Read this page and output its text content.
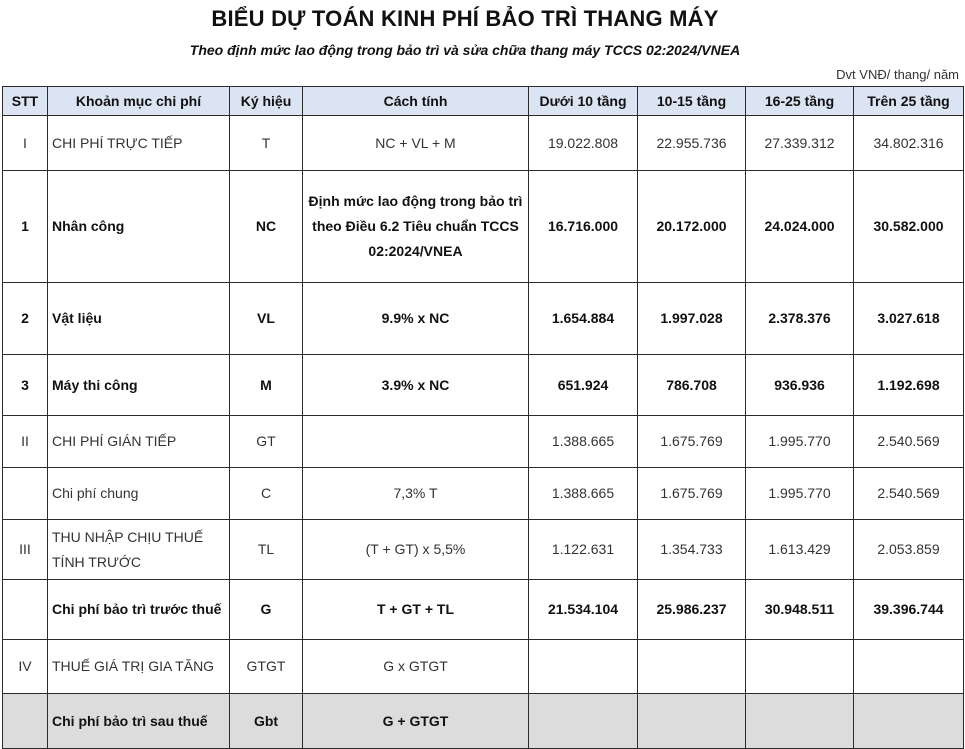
BIỂU DỰ TOÁN KINH PHÍ BẢO TRÌ THANG MÁY
Theo định mức lao động trong bảo trì và sửa chữa thang máy TCCS 02:2024/VNEA
Dvt VNĐ/ thang/ năm
STT	Khoản mục chi phí	Ký hiệu	Cách tính	Dưới 10 tầng	10-15 tầng	16-25 tầng	Trên 25 tầng
I	CHI PHÍ TRỰC TIẾP	T	NC + VL + M	19.022.808	22.955.736	27.339.312	34.802.316
1	Nhân công	NC	Định mức lao động trong bảo trì theo Điều 6.2 Tiêu chuẩn TCCS 02:2024/VNEA	16.716.000	20.172.000	24.024.000	30.582.000
2	Vật liệu	VL	9.9% x NC	1.654.884	1.997.028	2.378.376	3.027.618
3	Máy thi công	M	3.9% x NC	651.924	786.708	936.936	1.192.698
II	CHI PHÍ GIÁN TIẾP	GT		1.388.665	1.675.769	1.995.770	2.540.569
	Chi phí chung	C	7,3% T	1.388.665	1.675.769	1.995.770	2.540.569
III	THU NHẬP CHỊU THUẾ TÍNH TRƯỚC	TL	(T + GT) x 5,5%	1.122.631	1.354.733	1.613.429	2.053.859
	Chi phí bảo trì trước thuế	G	T + GT + TL	21.534.104	25.986.237	30.948.511	39.396.744
IV	THUẾ GIÁ TRỊ GIA TĂNG	GTGT	G x GTGT				
	Chi phí bảo trì sau thuế	Gbt	G + GTGT				
